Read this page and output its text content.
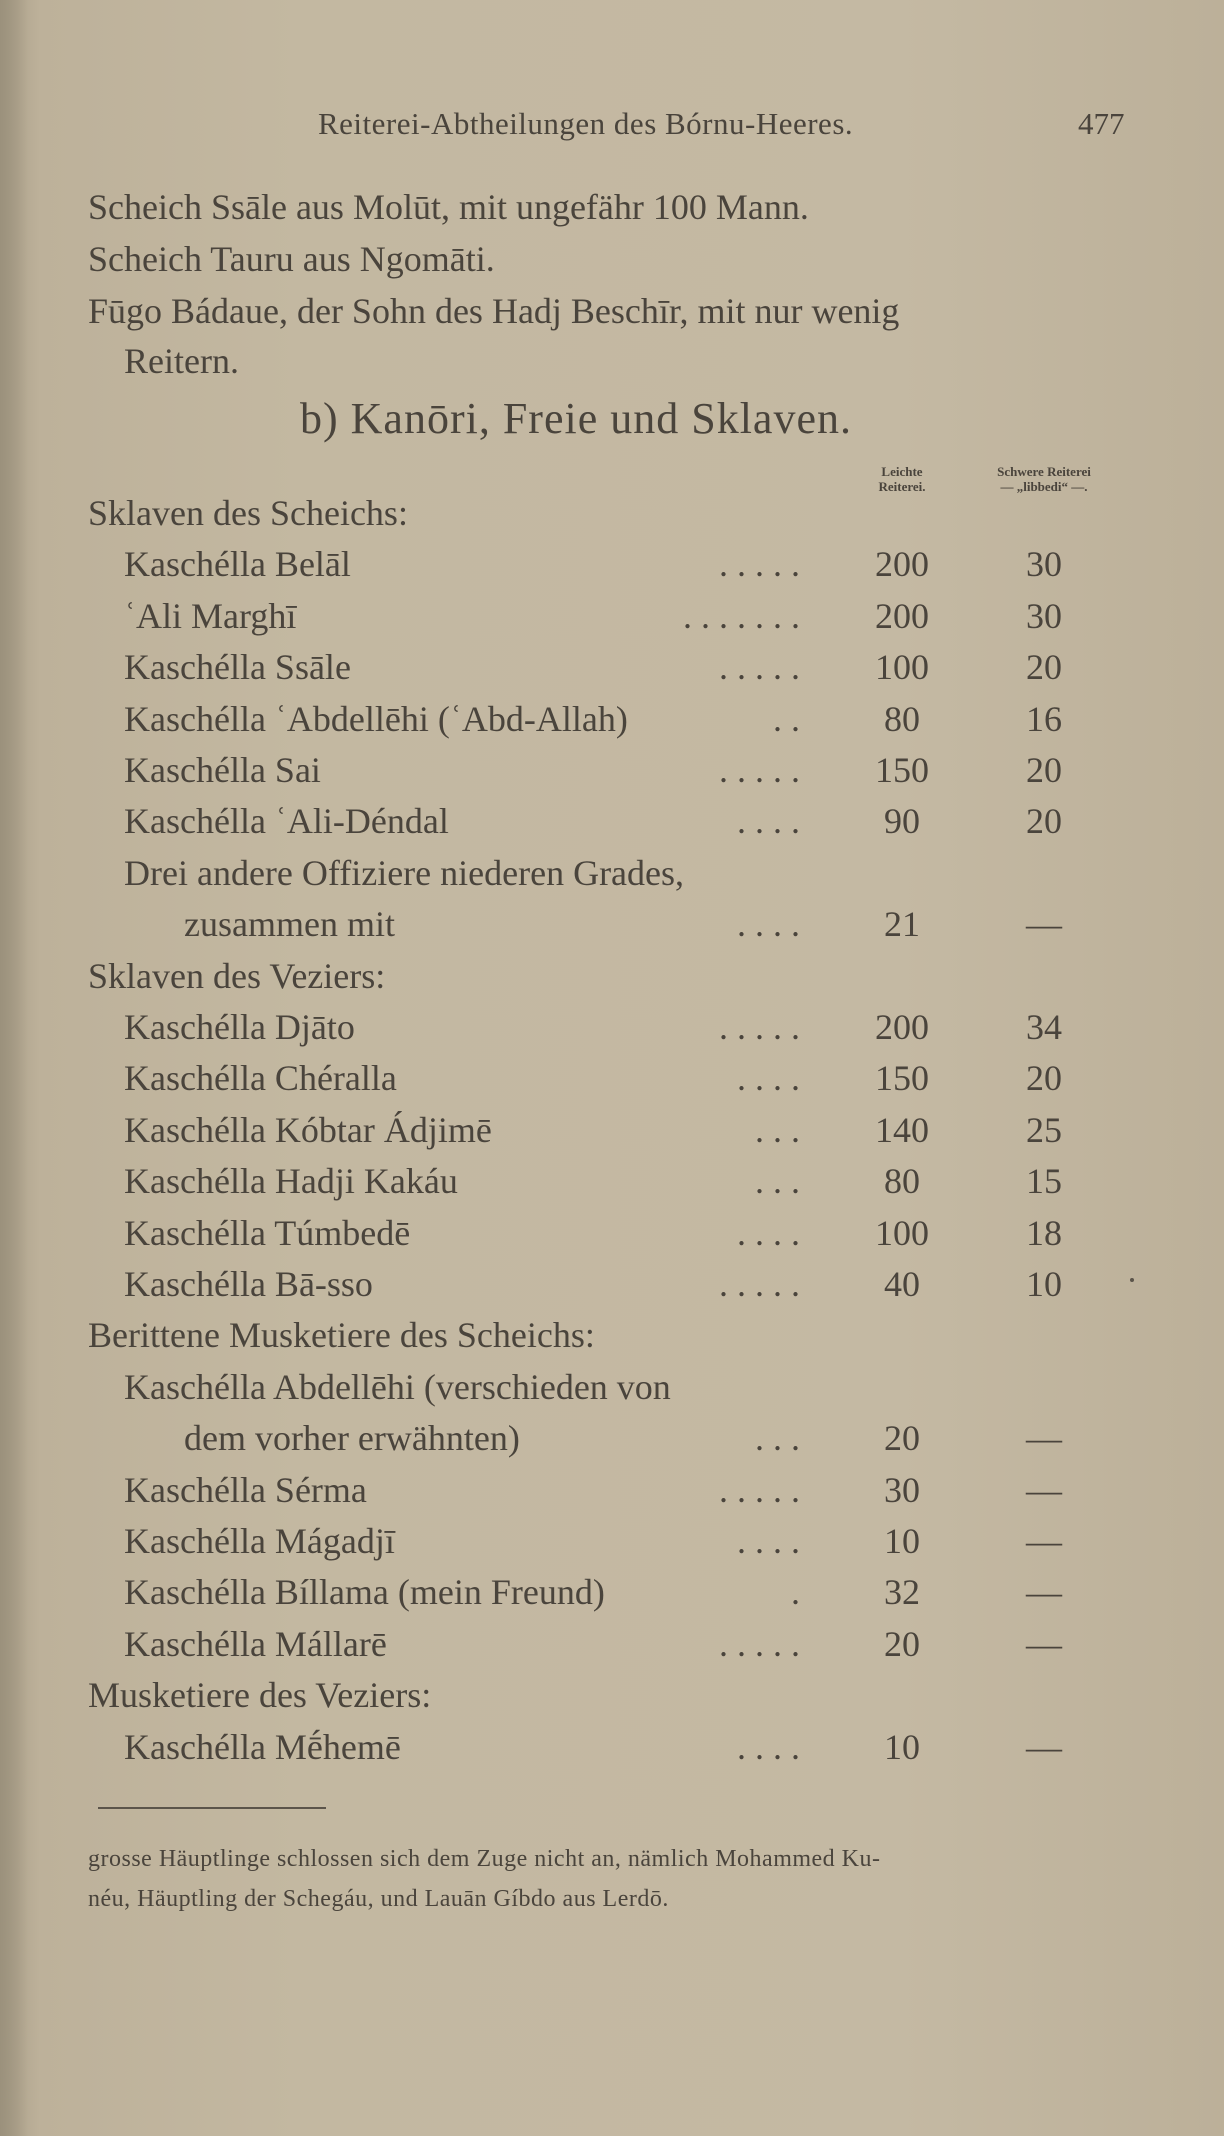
Reiterei-Abtheilungen des Bórnu-Heeres.	477
Scheich Ssāle aus Molūt, mit ungefähr 100 Mann.
Scheich Tauru aus Ngomāti.
Fūgo Bádaue, der Sohn des Hadj Beschīr, mit nur wenig
Reitern.
b) Kanōri, Freie und Sklaven.
Leichte
Reiterei.
Schwere Reiterei
— „libbedi“ —.
Sklaven des Scheichs:
Kaschélla Belāl	. . . . .	200	30
ʿAli Marghī	. . . . . . .	200	30
Kaschélla Ssāle	. . . . .	100	20
Kaschélla ʿAbdellēhi (ʿAbd-Allah)	. .	80	16
Kaschélla Sai	. . . . .	150	20
Kaschélla ʿAli-Déndal	. . . .	90	20
Drei andere Offiziere niederen Grades,
zusammen mit	. . . .	21	—
Sklaven des Veziers:
Kaschélla Djāto	. . . . .	200	34
Kaschélla Chéralla	. . . .	150	20
Kaschélla Kóbtar Ádjimē	. . .	140	25
Kaschélla Hadji Kakáu	. . .	80	15
Kaschélla Túmbedē	. . . .	100	18
Kaschélla Bā-sso	. . . . .	40	10
Berittene Musketiere des Scheichs:
Kaschélla Abdellēhi (verschieden von
dem vorher erwähnten)	. . .	20	—
Kaschélla Sérma	. . . . .	30	—
Kaschélla Mágadjī	. . . .	10	—
Kaschélla Bíllama (mein Freund)	.	32	—
Kaschélla Mállarē	. . . . .	20	—
Musketiere des Veziers:
Kaschélla Mḗhemē	. . . .	10	—
grosse Häuptlinge schlossen sich dem Zuge nicht an, nämlich Mohammed Ku-
néu, Häuptling der Schegáu, und Lauān Gíbdo aus Lerdō.
